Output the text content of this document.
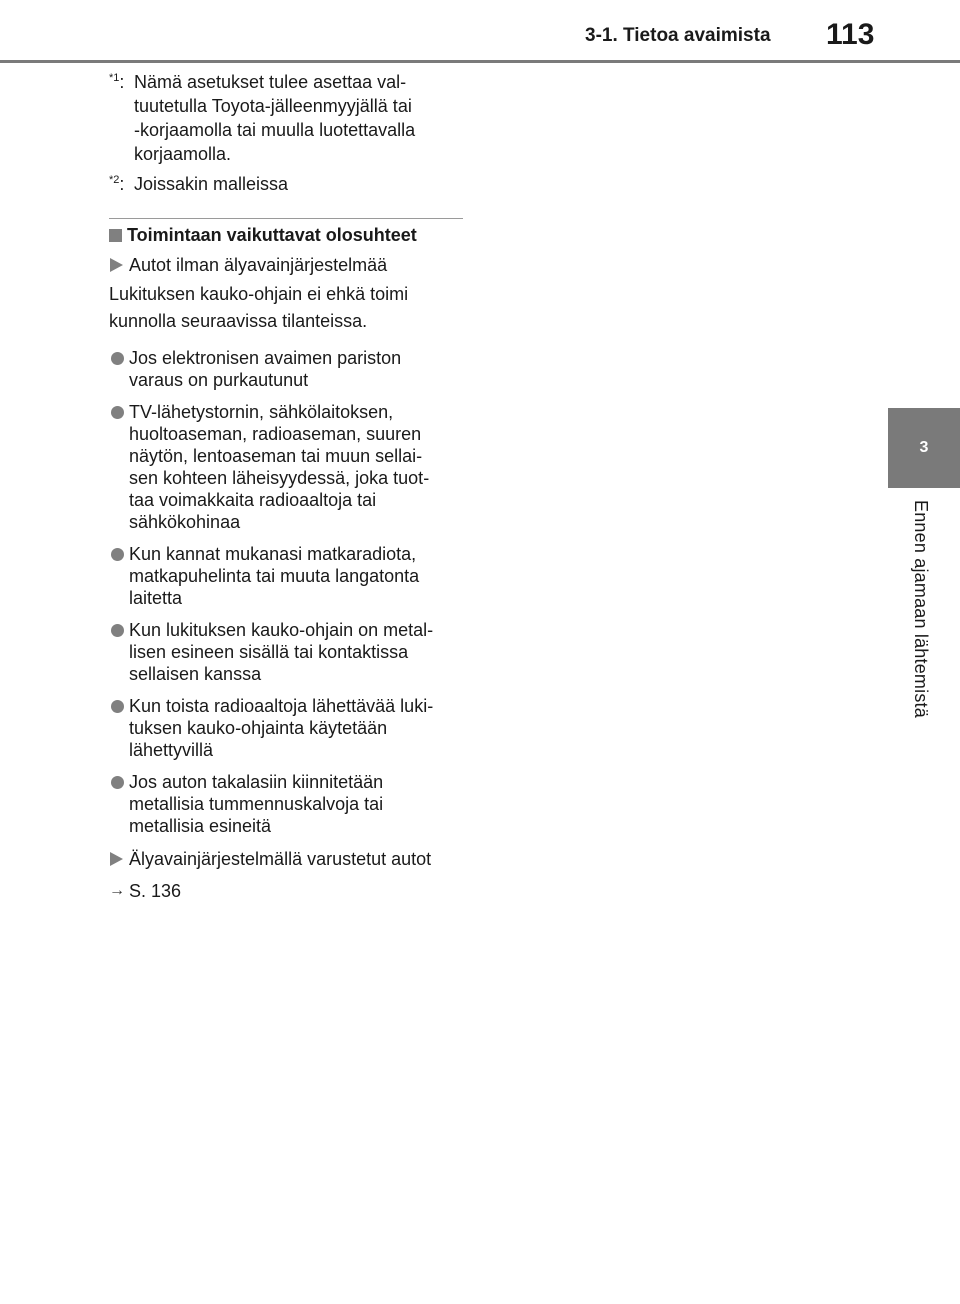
3-1. Tietoa avaimista 113
3
Ennen ajamaan lähtemistä
$^{*1}$: Nämä asetukset tulee asettaa val-
tuutetulla Toyota-jälleenmyyjällä tai
-korjaamolla tai muulla luotettavalla
korjaamolla.
$^{*2}$: Joissakin malleissa
Toimintaan vaikuttavat olosuhteet
Autot ilman älyavainjärjestelmää
Lukituksen kauko-ohjain ei ehkä toimi
kunnolla seuraavissa tilanteissa.
Jos elektronisen avaimen pariston
varaus on purkautunut
TV-lähetystornin, sähkölaitoksen,
huoltoaseman, radioaseman, suuren
näytön, lentoaseman tai muun sellai-
sen kohteen läheisyydessä, joka tuot-
taa voimakkaita radioaaltoja tai
sähkökohinaa
Kun kannat mukanasi matkaradiota,
matkapuhelinta tai muuta langatonta
laitetta
Kun lukituksen kauko-ohjain on metal-
lisen esineen sisällä tai kontaktissa
sellaisen kanssa
Kun toista radioaaltoja lähettävää luki-
tuksen kauko-ohjainta käytetään
lähettyvillä
Jos auton takalasiin kiinnitetään
metallisia tummennuskalvoja tai
metallisia esineitä
Älyavainjärjestelmällä varustetut autot
→ S. 136
